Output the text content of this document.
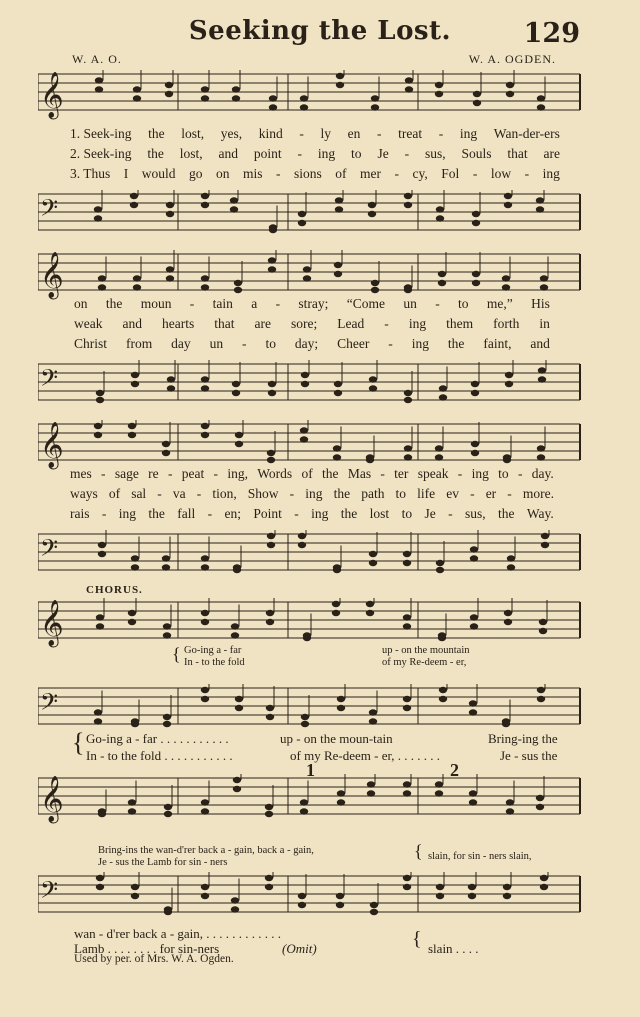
Seeking the Lost.	129
W. A. O.	W. A. OGDEN.
𝄞
𝄢
𝄞
𝄢
𝄞
𝄢
𝄞
𝄢
𝄞
𝄢
1. Seek-ing the lost, yes, kind - ly en - treat - ing Wan-der-ers
2. Seek-ing the lost, and point - ing to Je - sus, Souls that are
3. Thus I would go on mis - sions of mer - cy, Fol - low - ing
on the moun - tain a - stray; “Come un - to me,” His
weak and hearts that are sore; Lead - ing them forth in
Christ from day un - to day; Cheer - ing the faint, and
mes - sage re - peat - ing, Words of the Mas - ter speak - ing to - day.
ways of sal - va - tion, Show - ing the path to life ev - er - more.
rais - ing the fall - en; Point - ing the lost to Je - sus, the Way.
CHORUS.
{ Go-ing a - far
In - to the fold
up - on the mountain
of my Re-deem - er,
{ Go-ing a - far . . . . . . . . . . .	up - on the moun-tain	Bring-ing the
In - to the fold . . . . . . . . . . .	of my Re-deem - er, . . . . . . .	Je - sus the
1	2
Bring-ins the wan-d'rer back a - gain, back a - gain,
Je - sus the Lamb for sin - ners
{ slain, for sin - ners slain,
wan - d'rer back a - gain, . . . . . . . . . . . .
Lamb . . . . . . . . for sin-ners	(Omit)	{ slain . . . .
Used by per. of Mrs. W. A. Ogden.
